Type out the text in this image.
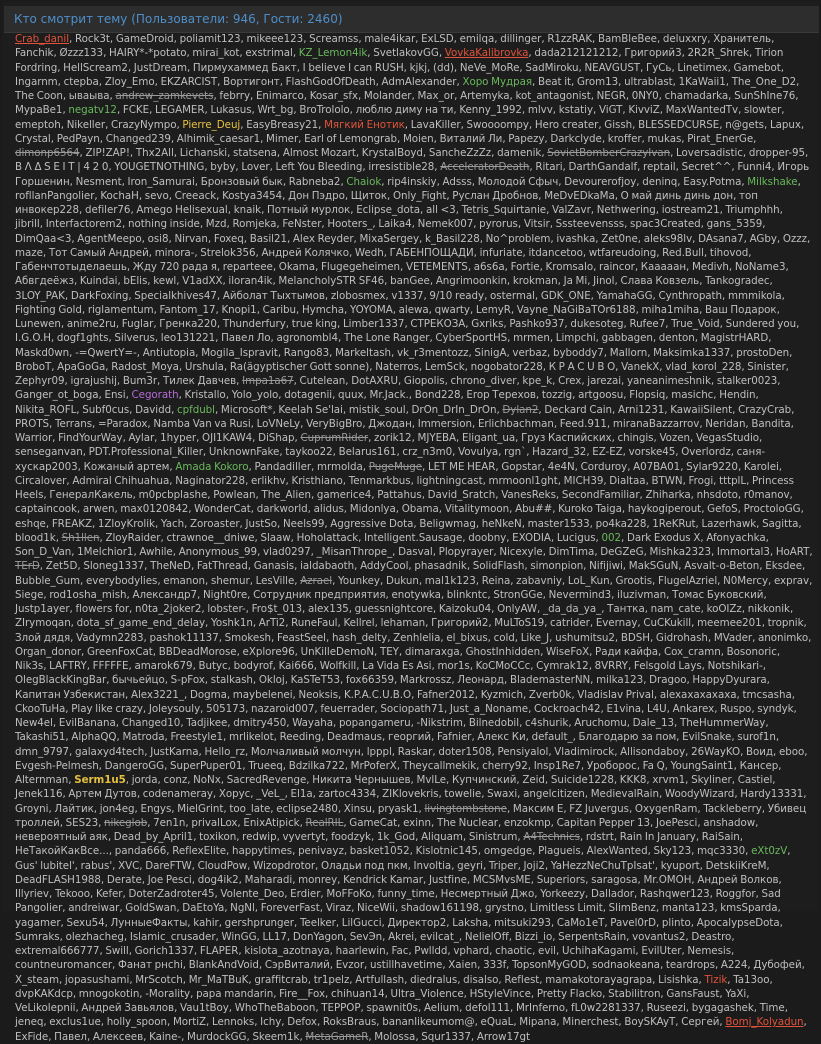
Кто смотрит тему (Пользователи: 946, Гости: 2460)
Crab_danil, Rock3t, GameDroid, poliamit123, mikeee123, Screamss, male4ikar, ExLSD, emilqa, dillinger, R1zzRAK, BamBleBee, deluxxry, Хранитель, Fanchik, Øzzz133, HAIRY*-*potato, mirai_kot, exstrimal, KZ_Lemon4ik, SvetlakovGG, VovkaKalibrovka, dada212121212, Григорий3, 2R2R_Shrek, Tirion Fordring, HellScream2, JustDream, Пирмухаммед Бакт, I believe I can RUSH, kjkj, (dd), NeVe_MoRe, SadMiroku, NEAVGUST, ГуСь, Linetimex, Gamebot, Ingarnm, ctepba, Zloy_Emo, EKZARCIST, Вортигонт, FlashGodOfDeath, AdmAlexander, Хоро Мудрая, Beat it, Grom13, ultrablast, 1KaWaii1, The_One_D2, The Coon, ываыва, andrew_zamkevets, febrry, Enimarco, Kosar_sfx, Molander, Max_or, Artemyka, kot_antagonist, NEGR, 0NY0, chamadarka, SunShIne76, MypaBe1, negatv12, FCKE, LEGAMER, Lukasus, Wrt_bg, BroTrololo, люблю диму на ти, Kenny_1992, mlvv, kstatiy, ViGT, KivviZ, MaxWantedTv, slowter, emeptoh, Nikeller, CrazyNympo, Pierre_Deuj, EasyBreasy21, Мягкий Енотик, LavaKiller, Swoooompy, Hero creater, Gissh, BLESSEDCURSE, n@gets, Lapux, Crystal, PedPayn, Changed239, Alhimik_caesar1, Mimer, Earl of Lemongrab, Moien, Виталий Ли, Papezy, Darkclyde, kroffer, mukas, Pirat_EnerGe, dimonp6564, ZIP!ZAP!, Thx2All, Lichanski, statsena, Almost Mozart, KrystalBoyd, SancheZzZz, damenik, SovietBomberCrazyIvan, Loversadistic, dropper-95, B Λ Δ S E I T | 4 2 0, YOUGETNOTHING, byby, Lover, Left You Bleeding, irresistible28, AcceleratorDeath, Ritari, DarthGandalf, reptail, Secret^^, Funni4, Игорь Горшенин, Nesment, Iron_Samurai, Бронзовый бык, Rabneba2, Chaiok, rip4inskiy, Adsss, Молодой Сфыч, Devourerofjoy, deninq, Easy.Potma, Milkshake, rofllanPangolier, KochaH, sevo, Creeack, Kostya3454, Дон Пэдро, Щиток, Only_Fight, Руслан Дробнов, MeDvEDkaMa, О май динь динь дон, топ инвокер228, defiler76, Amego Helisexual, knaik, Потный мурлок, Eclipse_dota, all <3, Tetris_Squirtanie, ValZavr, Nethwering, iostream21, Triumphhh, jibrill, Interfactorem2, nothing inside, Mzd, Romjeka, FeNster, Hooters_, Laika4, Nemek007, pyrorus, Vitsir, Sssteevensss, spac3Created, gans_5359, DimQaa<3, AgentMeepo, osi8, Nirvan, Foxeq, Basil21, Alex Reyder, MixaSergey, k_Basil228, No^problem, ivashka, Zet0ne, aleks98lv, DAsana7, AGby, Ozzz, maze, Тот Самый Андрей, minora-, Strelok356, Андрей Колячко, Wedh, ГАБЕНПОЩАДИ, infuriate, itdancetoo, wtfareudoing, Red.Bull, tihovod, Габенчтотыделаешь, Жду 720 рада я, reparteee, Okama, Flugegeheimen, VETEMENTS, a6s6a, Fortie, Kromsalo, raincor, Каааaан, Medivh, NoName3, Абвгдеёжз, Kuindai, bElis, kewl, V1adXX, iloran4ik, MelancholySTR SF46, banGee, Angrimoonkin, krokman, Ja Mi, Jinol, Слава Ковзель, Tankogradec, 3LOY_PAK, DarkFoxing, Specialkhives47, Айболат Тыхтымов, zlobosmex, v1337, 9/10 ready, ostermal, GDK_ONE, YamahaGG, Cynthropath, mmmikola, Fighting Gold, riglamentum, Fantom_17, Knopi1, Caribu, Hymcha, YOYOMA, alewa, qwarty, LemyR, Vayne_NaGiBaTOr6188, miha1miha, Ваш Подарок, Lunewen, anime2ru, Fuglar, Гренка220, Thunderfury, true king, Limber1337, СТРЕКОЗА, Gxriks, Pashko937, dukesoteg, Rufee7, True_Void, Sundered you, I.G.O.H, dogf1ghts, Silverus, leo131221, Павел Ло, agronombl4, The Lone Ranger, CyberSportHS, mrmen, Limpchi, gabbagen, denton, MagistrHARD, Maskd0wn, -=QwertY=-, Antiutopia, Mogila_Ispravit, Rango83, Markeltash, vk_r3mentozz, SinigA, verbaz, byboddy7, Mallorn, Maksimka1337, prostoDen, BroboT, ApaGoGa, Radost_Moya, Urshula, Ra(ägyptischer Gott sonne), Naterros, LemSck, nogobator228, К Р А С U B O, VanekX, vlad_korol_228, Sinister, Zephyr09, igrajushij, Bum3r, Тилек Давчев, Impa1a67, Cutelean, DotAXRU, Giopolis, chrono_diver, kpe_k, Crex, jarezai, yaneanimeshnik, stalker0023, Ganger_ot_boga, Ensi, Cegorath, Kristallo, Yolo_yolo, dotagenii, quux, Mr.Jack., Bond228, Erop Терехов, tozzig, artgoosu, Flopsiq, masichc, Hendin, Nikita_ROFL, Subf0cus, Davidd, cpfdubl, Microsoft*, Keelah Se'lai, mistik_soul, DrOn_DrIn_DrOn, Dylan2, Deckard Cain, Arni1231, KawaiiSilent, CrazyCrab, PROTS, Terrans, =Paradox, Namba Van va Rusi, LoVNeLy, VeryBigBro, Джодан, Immersion, Erlichbachman, Feed.911, miranaBazzarrov, Neridan, Bandita, Warrior, FindYourWay, Aylar, 1hyper, OJI1KAW4, DiShap, CuprumRider, zorik12, MJYEBA, Eligant_ua, Груз Каспийских, chingis, Vozen, VegasStudio, senseganvan, PDT.Professional_Killer, UnknownFake, taykoo22, Belarus161, crz_n3m0, Vovulya, rgn`, Hazard_32, EZ-EZ, vorske45, Overlordz, саня-хускар2003, Кожаный артем, Amada Kokoro, Pandadiller, mrmolda, PugeMuge, LET ME HEAR, Gopstar, 4e4N, Corduroy, A07BA01, Sylar9220, Karolei, Circalover, Admiral Chihuahua, Naginator228, erlikhv, Kristhiano, Tenmarkbus, lightningcast, mrmoonl1ght, MICH39, Dialtaa, BTWN, Frogi, tttplL, Princess Heels, ГенералКакель, m0pcbplashe, Powlean, The_Alien, gamerice4, Pattahus, David_Sratch, VanesReks, SecondFamiliar, Zhiharka, nhsdoto, r0manov, captaincook, arwen, max0120842, WonderCat, darkworld, alidus, Midonlya, Obama, Vitalitymoon, Abu##, Kuroko Taiga, haykogiperout, GefoS, ProctoloGG, eshqe, FREAKZ, 1ZloyKrolik, Yach, Zoroaster, JustSo, Neels99, Aggressive Dota, Beligwmag, heNkeN, master1533, po4ka228, 1ReKRut, Lazerhawk, Sagitta, blood1k, Sh1llen, ZloyRaider, ctrawnoe__dniwe, Slaaw, Hoholattack, Intelligent.Sausage, doobny, EXODIA, Lucigus, 002, Dark Exodus X, Afonyachka, Son_D_Van, 1Melchior1, Awhile, Anonymous_99, vlad0297, _MisanThrope_, Dasval, Plopyrayer, Nicexyle, DimTima, DeGZeG, Mishka2323, Immortal3, HoART, TErD, Zet5D, Sloneg1337, TheNeD, FatThread, Ganasis, ialdabaoth, AddyCool, phasadnik, SolidFlash, simonpion, Nifijiwi, MakSGuN, Asvalt-o-Beton, Eksdee, Bubble_Gum, everybodylies, emanon, shemur, LesVille, Azrael, Younkey, Dukun, mal1k123, Reina, zabavniy, LoL_Kun, Grootis, FlugelAzriel, N0Mercy, exprav, Siege, rod1osha_mish, Александр7, Night0re, Сотрудник предприятия, enotywka, blinkntc, StronGGe, Nevermind3, iluzivman, Томас Буковский, Justp1ayer, flowers for, n0ta_2joker2, lobster-, Fro$t_013, alex135, guessnightcore, Kaizoku04, OnlyAW, _da_da_ya_, Тантка, nam_cate, koOIZz, nikkonik, ZIrymoqan, dota_sf_game_end_delay, Yoshk1n, ArTi2, RuneFaul, Kellrel, lehaman, Григорий2, MuLToS19, catrider, Evernay, CuCKukill, meemee201, tropnik, Злой дядя, Vadymn2283, pashok11137, Smokesh, FeastSeel, hash_delty, Zenhlelia, el_bixus, cold, Like_J, ushumitsu2, BDSH, Gidrohash, MVader, anonimko, Organ_donor, GreenFoxCat, BBDeadMorose, eXplore96, UnKilleDemoN, TEY, dimaraxga, GhostInhidden, WiseFoX, Ради кайфа, Cox_cramn, Bosonoric, Nik3s, LAFTRY, FFFFFE, amarok679, Butyc, bodyrof, Kai666, Wolfkill, La Vida Es Asi, mor1s, KoCMoCCc, Cymrak12, 8VRRY, Felsgold Lays, Notshikari-, OlegBlackKingBar, бычьейцо, S-pFox, stalkash, Okloj, KaSTeT53, fox66359, Markrossz, Леонард, BlademasterNN, milka123, Dragoo, HappyDyurara, Капитан Узбекистан, Alex3221_, Dogma, maybelenei, Neoksis, K.P.A.C.U.B.O, Fafner2012, Kyzmich, Zverb0k, Vladislav Prival, alexaxaxaxaxa, tmcsasha, CkooTuHa, Play like crazy, Joleysouly, 505173, nazaroid007, feuerrader, Sociopath71, Just_a_Noname, Cockroach42, E1vina, L4U, Ankarex, Ruspo, syndyk, New4el, EvilBanana, Changed10, Tadjikee, dmitry450, Wayaha, popangameru, -Nikstrim, Bilnedobil, c4shurik, Aruchomu, Dale_13, TheHummerWay, Takashi51, AlphaQQ, Matroda, Freestyle1, mrlikelot, Reeding, Deadmaus, георгий, Fafnier, Алекс Ки, default_, Благодарю за пом, EvilSnake, surof1n, dmn_9797, galaxyd4tech, JustKarna, Hello_rz, Молчаливый молчун, lpppl, Raskar, doter1508, Pensiyalol, Vladimirock, Allisondaboy, 26WayKO, Воид, eboo, Evgesh-Pelmesh, DangeroGG, SuperPuper01, Trueeq, Bdzilka722, MrPoferX, Theycallmekik, cherry92, Insp1Re7, Уробopoc, Fa Q, YoungSaint1, Кансер, Alternman, Serm1u5, jorda, conz, NoNx, SacredRevenge, Никита Чернышев, MvlLe, Купчинский, Zeid, Suicide1228, KKK8, xrvm1, Skyliner, Castiel, Jenek116, Артем Дутов, codenameray, Хорус, _VeL_, El1a, zartoc4334, ZIKlovekris, towelie, Swaxi, angelcitizen, MedievalRain, WoodyWizard, Hardy13331, Groyni, Лайтик, jon4eg, Engys, MielGrint, too_late, eclipse2480, Xinsu, pryask1, livingtombstone, Максим Е, FZ Juvergus, OxygenRam, Tackleberry, Убивец троллей, SES23, nikeglob, 7en1n, privalLox, EnixAtipick, RealRIL, GameCat, exinn, The Nuclear, enzokmp, Capitan Pepper 13, JoePesci, anshadow, невероятный аяк, Dead_by_April1, toxikon, redwip, vyvertyt, foodzyk, 1k_God, Aliquam, Sinistrum, A4Technics, rdstrt, Rain In January, RaiSain, НеТакойКакВсе..., panda666, ReflexElite, happytimes, penivayz, basket1052, Kislotnic145, omgedge, Plagueis, AlexWanted, Sky123, mqc3330, eXt0zV, Gus' lubitel', rabus', XVC, DareFTW, CloudPow, Wizopdrotor, Оладьи под пкм, Involtia, geyri, Triper, Joji2, YaHezzNeChuTpIsat', kyuport, DetskiiKreM, DeadFLASH1988, Derate, Joe Pesci, dog4ik2, Maharadi, monrey, Kendrick Kamar, Justfine, MCSMvsME, Superiors, saragosa, Mr.OMOH, Андрей Волков, Illyriev, Tekooo, Kefer, DoterZadroter45, Volente_Deo, Erdier, MoFFoKo, funny_time, Несмертный Джо, Yorkeezy, Dallador, Rashqwer123, Roggfor, Sad Pangolier, andreiwar, GoldSwan, DaEtoYa, NgNl, ForeverFast, Viraz, NiceWii, shadow161198, grystno, Limitless Limit, SlimBenz, manta123, kmsSparda, yagamer, Sexu54, ЛунныеФакты, kahir, gershprunger, Teelker, LilGucci, Директор2, Laksha, mitsuki293, CaMo1eT, Pavel0rD, plinto, ApocalypseDota, Sumraks, olezhacheg, Islamic_crusader, WinGG, LL17, DonYagon, SevЭn, Akrei, evilcat_, NelielOff, Bizzi_io, SerpentsRain, vovantus2, Deastro, extremal666777, Swill, Gorich1337, FLAPER, kislota_azotnaya, haarlewin, Fac, Pwlldd, vphard, chaotic, evil, UchihaKagami, EvilUter, Nemesis, countneuromancer, Фанат рнсhi, BlankAndVoid, СэрВиталий, Evzor, ustillhavetime, Xaien, 333f, TopsonMyGOD, sodnaokeana, teardrops, A224, Дубофей, X_steam, jopasushami, MrScotch, Mr_MaTBuK, graffitcrab, tr1pelz, Artfullash, diedralus, disalso, Reflest, mamakotorayagrapa, Lisishka, Tizik, Ta13oo, dvpKAKdcp, mnogokotin, -Morality, papa mandarin, Fire__Fox, chihuan14, Ultra_Violence, HStyleVince, Pretty Flacko, Stabilitron, GansFaust, YaXi, VeLikolepnii, Андрей Завьялов, Vau1tBoy, WhoTheBaboon, TEPPOP, spawnit0s, Aelium, defol111, MrInferno, fL0w2281337, Ruseezi, bygagashek, Time, jeneq, exclus1ue, holly_spoon, MortiZ, Lennoks, Ichy, Defox, RoksBraus, bananlikeumom@, eQuaL, Mipana, Minerchest, BoySKAyT, Сергей, Bomj_Kolyadun, ExFide, Павел, Алексеев, Kaine-, MurdockGG, Skeem1k, MetaGameR, Molossa, Squr1337, Arrow17gt
